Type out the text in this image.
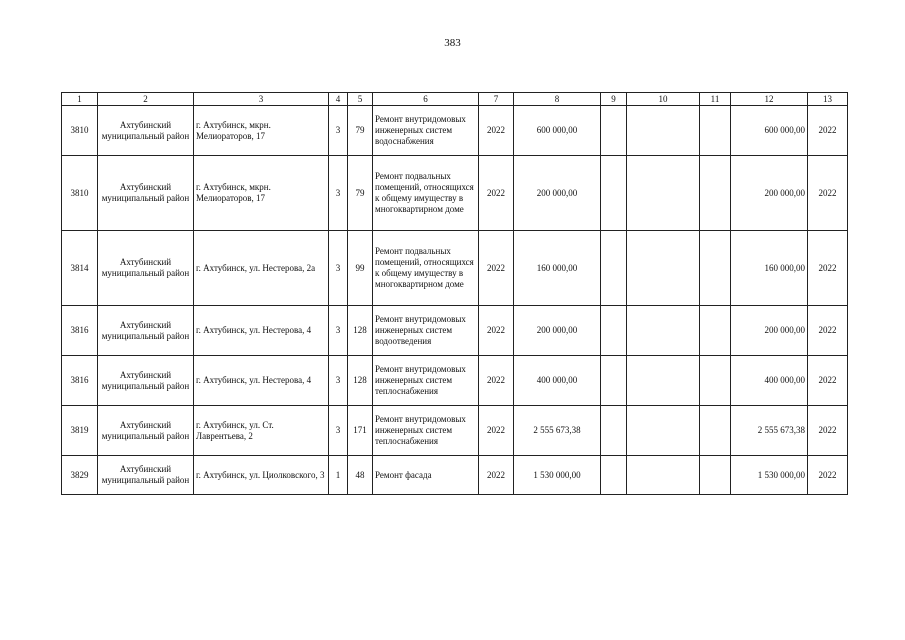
383
1	2	3	4	5	6	7	8	9	10	11	12	13
3810	Ахтубинский муниципальный район	г. Ахтубинск, мкрн. Мелиораторов, 17	3	79	Ремонт внутридомовых инженерных систем водоснабжения	2022	600 000,00				600 000,00	2022
3810	Ахтубинский муниципальный район	г. Ахтубинск, мкрн. Мелиораторов, 17	3	79	Ремонт подвальных помещений, относящихся к общему имуществу в многоквартирном доме	2022	200 000,00				200 000,00	2022
3814	Ахтубинский муниципальный район	г. Ахтубинск, ул. Нестерова, 2а	3	99	Ремонт подвальных помещений, относящихся к общему имуществу в многоквартирном доме	2022	160 000,00				160 000,00	2022
3816	Ахтубинский муниципальный район	г. Ахтубинск, ул. Нестерова, 4	3	128	Ремонт внутридомовых инженерных систем водоотведения	2022	200 000,00				200 000,00	2022
3816	Ахтубинский муниципальный район	г. Ахтубинск, ул. Нестерова, 4	3	128	Ремонт внутридомовых инженерных систем теплоснабжения	2022	400 000,00				400 000,00	2022
3819	Ахтубинский муниципальный район	г. Ахтубинск, ул. Ст. Лаврентьева, 2	3	171	Ремонт внутридомовых инженерных систем теплоснабжения	2022	2 555 673,38				2 555 673,38	2022
3829	Ахтубинский муниципальный район	г. Ахтубинск, ул. Циолковского, 3	1	48	Ремонт фасада	2022	1 530 000,00				1 530 000,00	2022
